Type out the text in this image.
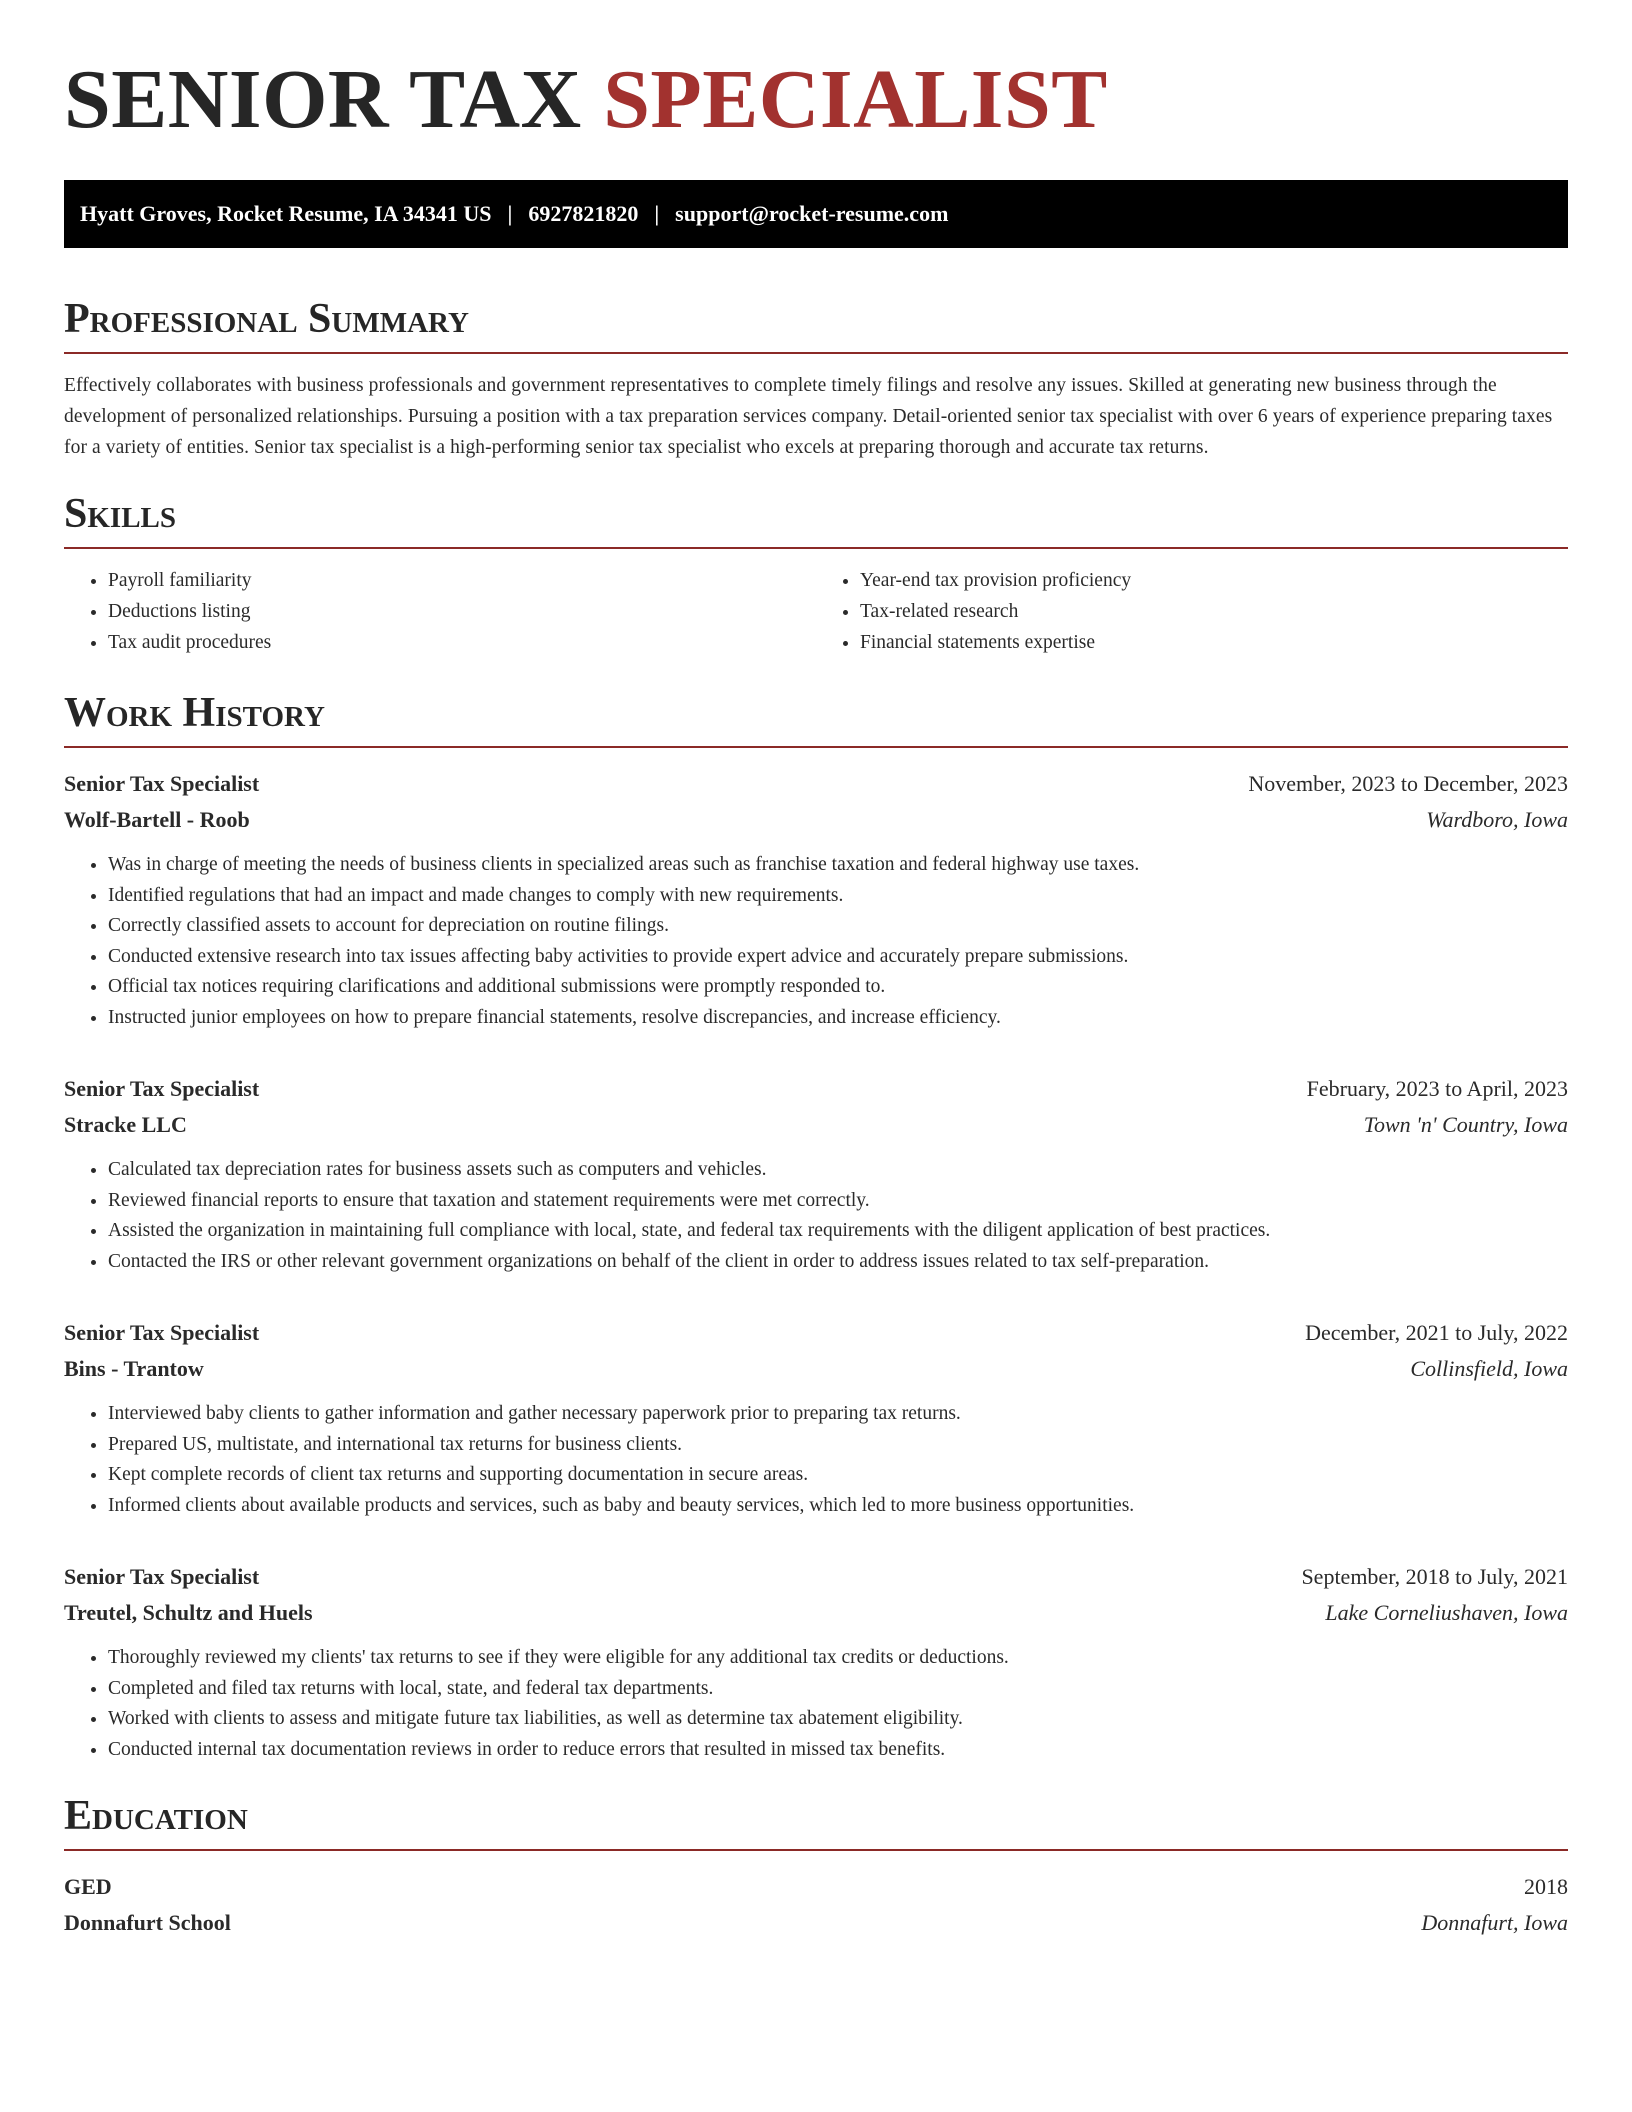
SENIOR TAX SPECIALIST
Hyatt Groves, Rocket Resume, IA 34341 US | 6927821820 | support@rocket-resume.com
Professional Summary

Effectively collaborates with business professionals and government representatives to complete timely filings and resolve any issues. Skilled at generating new business through the development of personalized relationships. Pursuing a position with a tax preparation services company. Detail-oriented senior tax specialist with over 6 years of experience preparing taxes for a variety of entities. Senior tax specialist is a high-performing senior tax specialist who excels at preparing thorough and accurate tax returns.

Skills
• Payroll familiarity
• Deductions listing
• Tax audit procedures
• Year-end tax provision proficiency
• Tax-related research
• Financial statements expertise
Work History
Senior Tax Specialist	November, 2023 to December, 2023
Wolf-Bartell - Roob	Wardboro, Iowa
• Was in charge of meeting the needs of business clients in specialized areas such as franchise taxation and federal highway use taxes.
• Identified regulations that had an impact and made changes to comply with new requirements.
• Correctly classified assets to account for depreciation on routine filings.
• Conducted extensive research into tax issues affecting baby activities to provide expert advice and accurately prepare submissions.
• Official tax notices requiring clarifications and additional submissions were promptly responded to.
• Instructed junior employees on how to prepare financial statements, resolve discrepancies, and increase efficiency.
Senior Tax Specialist	February, 2023 to April, 2023
Stracke LLC	Town 'n' Country, Iowa
• Calculated tax depreciation rates for business assets such as computers and vehicles.
• Reviewed financial reports to ensure that taxation and statement requirements were met correctly.
• Assisted the organization in maintaining full compliance with local, state, and federal tax requirements with the diligent application of best practices.
• Contacted the IRS or other relevant government organizations on behalf of the client in order to address issues related to tax self-preparation.
Senior Tax Specialist	December, 2021 to July, 2022
Bins - Trantow	Collinsfield, Iowa
• Interviewed baby clients to gather information and gather necessary paperwork prior to preparing tax returns.
• Prepared US, multistate, and international tax returns for business clients.
• Kept complete records of client tax returns and supporting documentation in secure areas.
• Informed clients about available products and services, such as baby and beauty services, which led to more business opportunities.
Senior Tax Specialist	September, 2018 to July, 2021
Treutel, Schultz and Huels	Lake Corneliushaven, Iowa
• Thoroughly reviewed my clients' tax returns to see if they were eligible for any additional tax credits or deductions.
• Completed and filed tax returns with local, state, and federal tax departments.
• Worked with clients to assess and mitigate future tax liabilities, as well as determine tax abatement eligibility.
• Conducted internal tax documentation reviews in order to reduce errors that resulted in missed tax benefits.
Education
GED	2018
Donnafurt School	Donnafurt, Iowa
